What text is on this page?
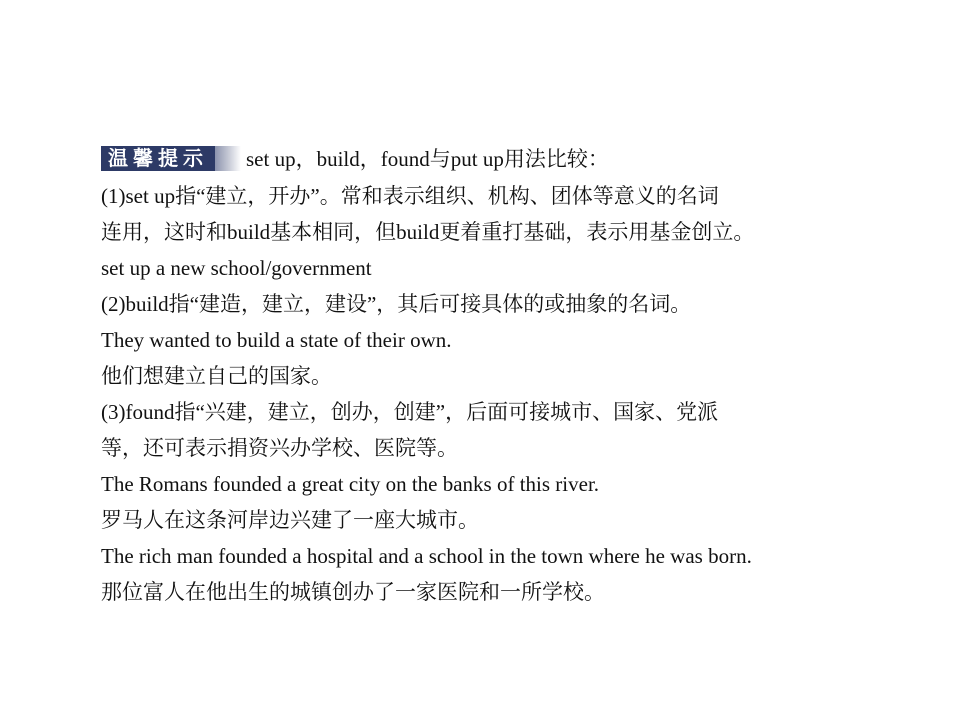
温馨提示 set up，build，found与put up用法比较：
(1)set up指“建立，开办”。常和表示组织、机构、团体等意义的名词
连用，这时和build基本相同，但build更着重打基础，表示用基金创立。
set up a new school/government
(2)build指“建造，建立，建设”，其后可接具体的或抽象的名词。
They wanted to build a state of their own.
他们想建立自己的国家。
(3)found指“兴建，建立，创办，创建”，后面可接城市、国家、党派
等，还可表示捐资兴办学校、医院等。
The Romans founded a great city on the banks of this river.
罗马人在这条河岸边兴建了一座大城市。
The rich man founded a hospital and a school in the town where he was born.
那位富人在他出生的城镇创办了一家医院和一所学校。
